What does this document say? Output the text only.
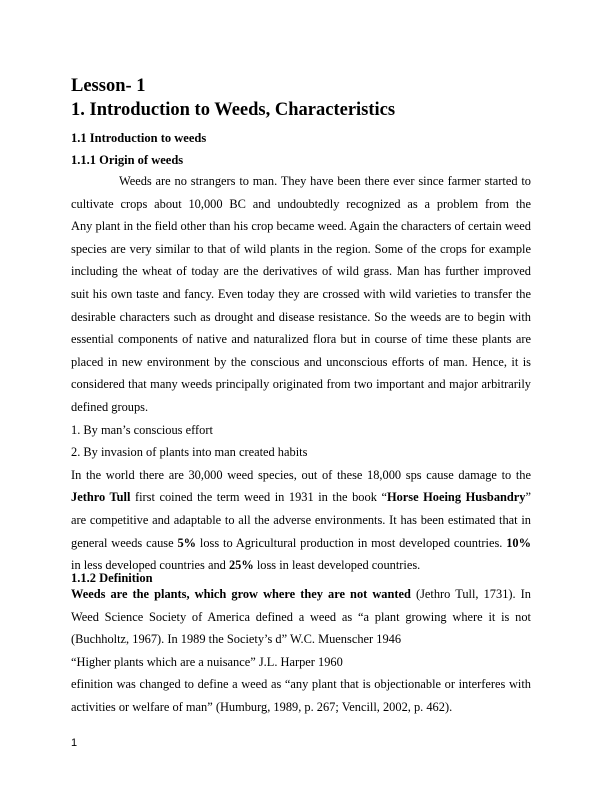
Lesson- 1
1. Introduction to Weeds, Characteristics
1.1 Introduction to weeds
1.1.1 Origin of weeds
Weeds are no strangers to man. They have been there ever since farmer started to
cultivate crops about 10,000 BC and undoubtedly recognized as a problem from the
Any plant in the field other than his crop became weed. Again the characters of certain weed
species are very similar to that of wild plants in the region. Some of the crops for example
including the wheat of today are the derivatives of wild grass. Man has further improved
suit his own taste and fancy. Even today they are crossed with wild varieties to transfer the
desirable characters such as drought and disease resistance. So the weeds are to begin with
essential components of native and naturalized flora but in course of time these plants are
placed in new environment by the conscious and unconscious efforts of man. Hence, it is
considered that many weeds principally originated from two important and major arbitrarily
defined groups.
1. By man’s conscious effort
2. By invasion of plants into man created habits
In the world there are 30,000 weed species, out of these 18,000 sps cause damage to the
Jethro Tull first coined the term weed in 1931 in the book “Horse Hoeing Husbandry”
are competitive and adaptable to all the adverse environments. It has been estimated that in
general weeds cause 5% loss to Agricultural production in most developed countries. 10%
in less developed countries and 25% loss in least developed countries.
1.1.2 Definition
Weeds are the plants, which grow where they are not wanted (Jethro Tull, 1731). In
Weed Science Society of America defined a weed as “a plant growing where it is not
(Buchholtz, 1967). In 1989 the Society’s d” W.C. Muenscher 1946
“Higher plants which are a nuisance” J.L. Harper 1960
efinition was changed to define a weed as “any plant that is objectionable or interferes with
activities or welfare of man” (Humburg, 1989, p. 267; Vencill, 2002, p. 462).
1
